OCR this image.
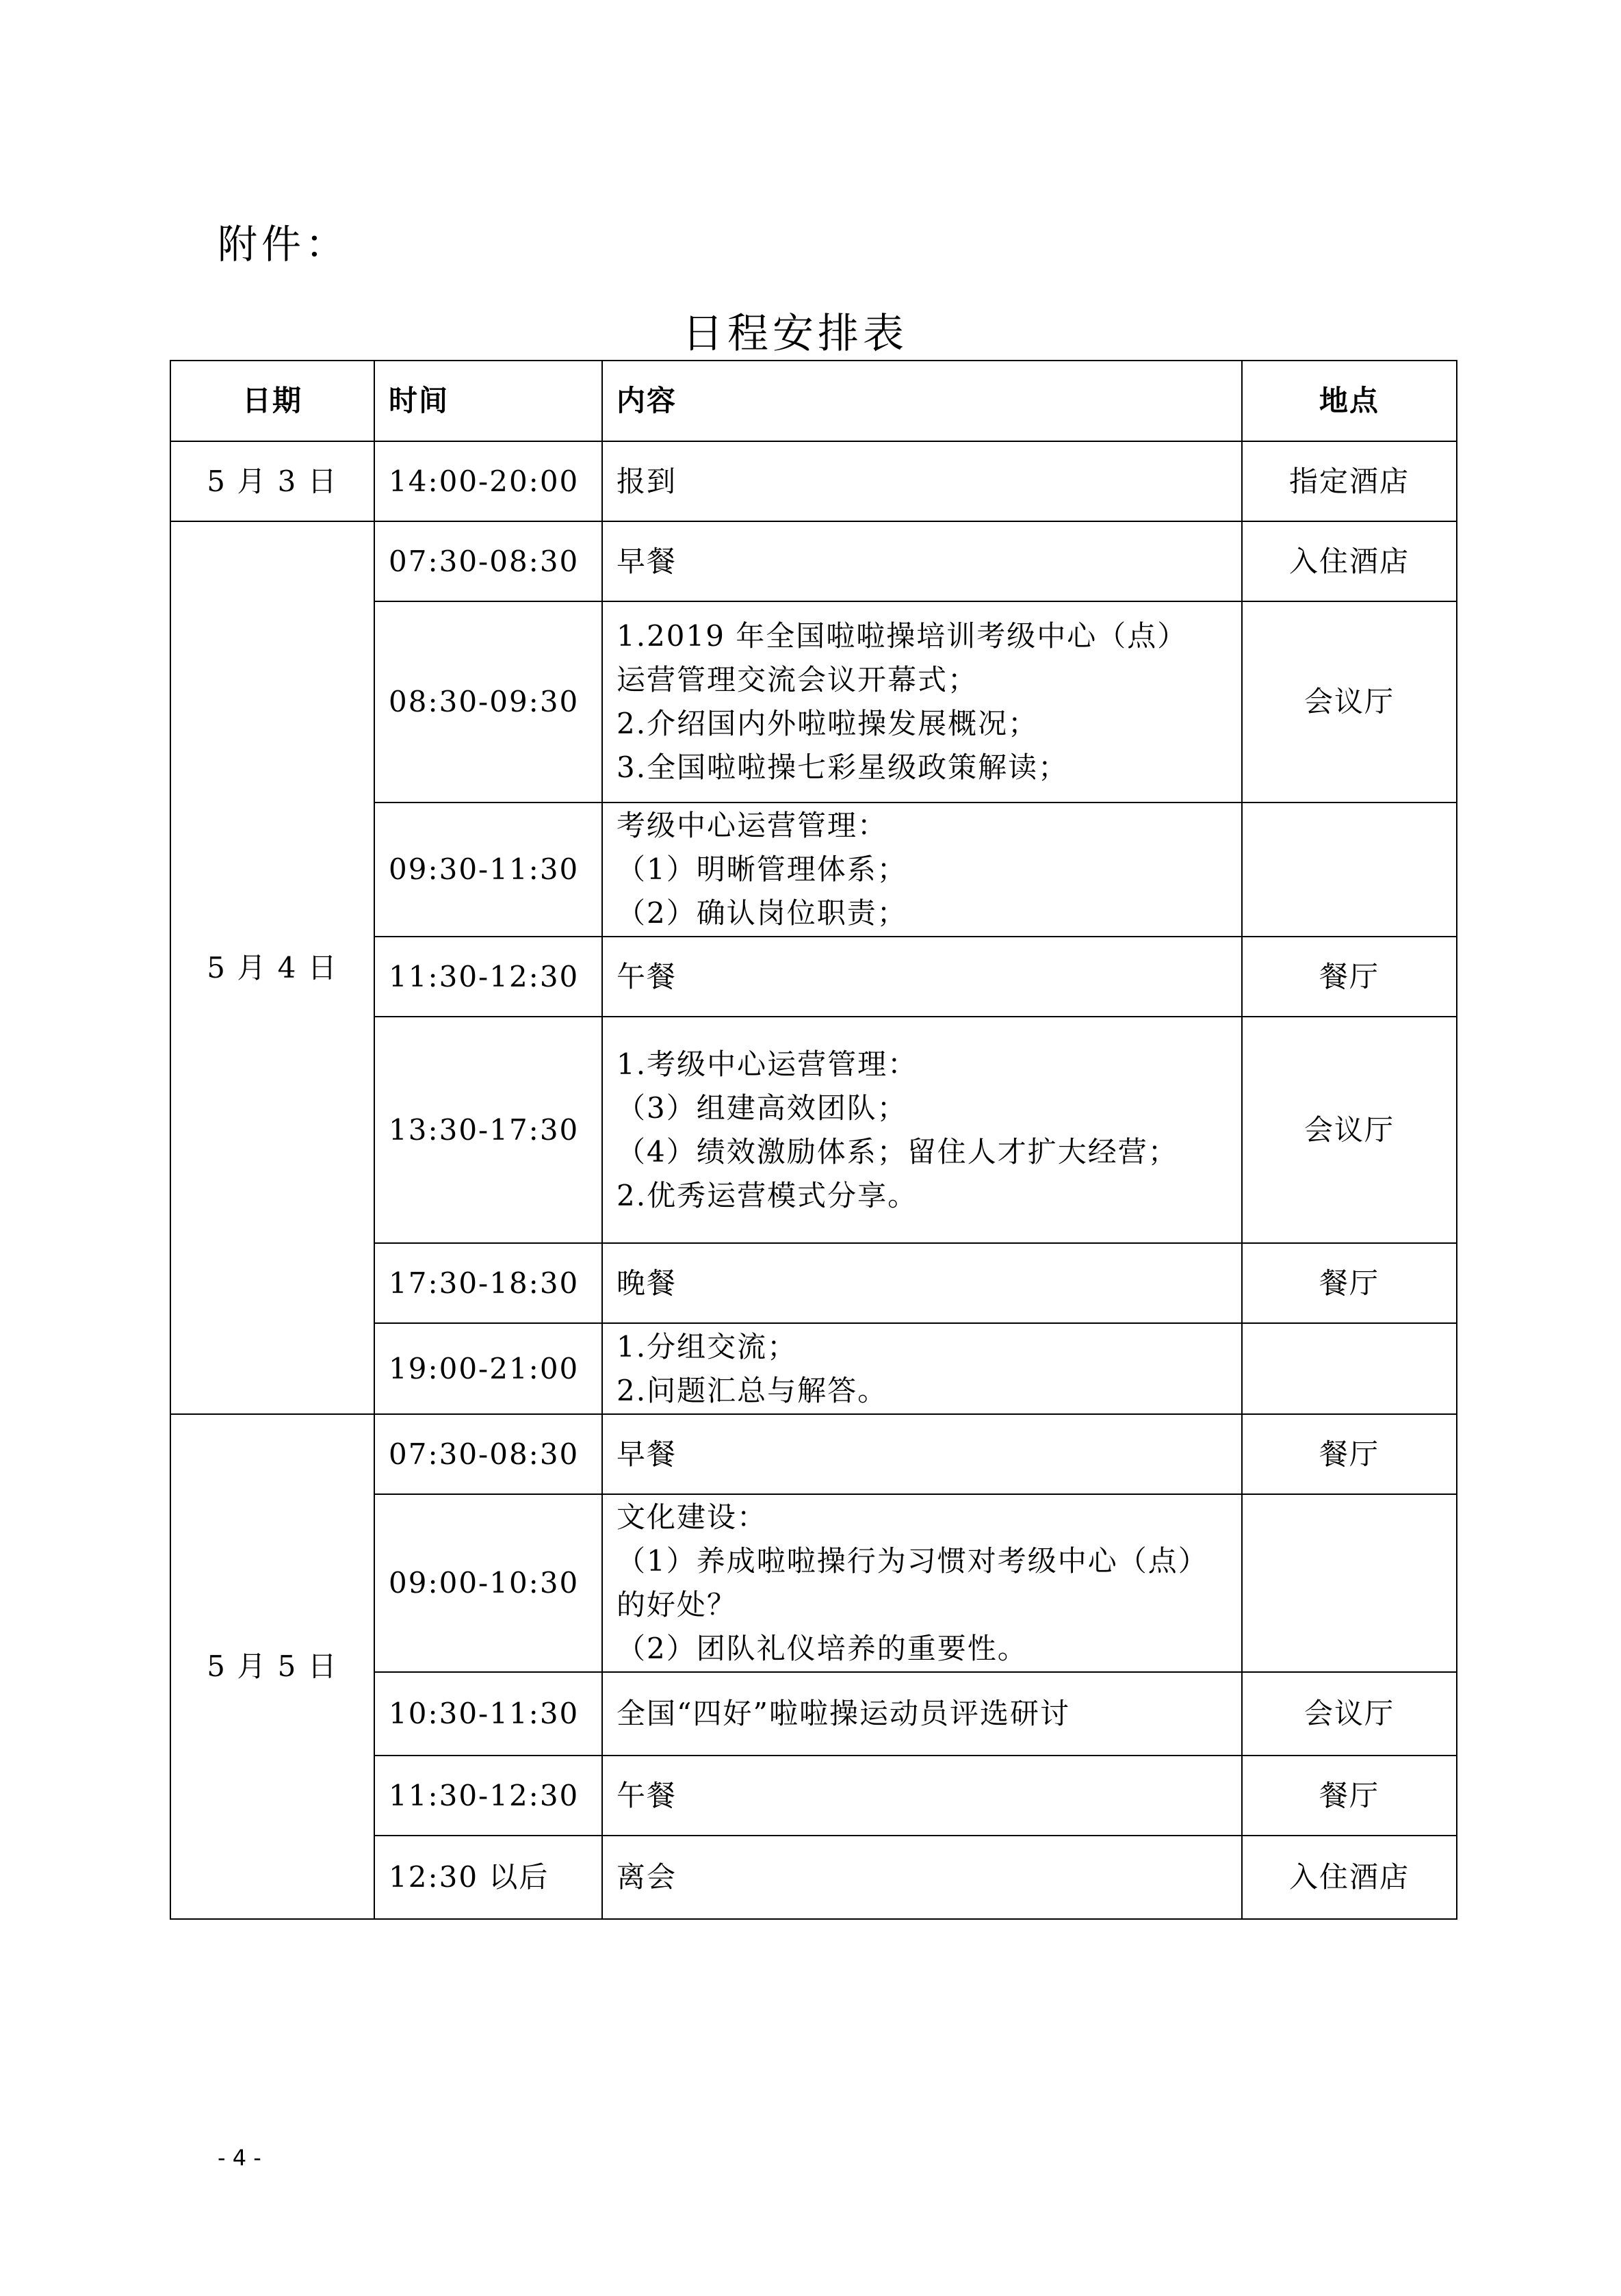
附件：
日程安排表
日期	时间	内容	地点
5 月 3 日	14:00-20:00	报到	指定酒店
5 月 4 日	07:30-08:30	早餐	入住酒店
	08:30-09:30	1.2019 年全国啦啦操培训考级中心（点）
运营管理交流会议开幕式；
2.介绍国内外啦啦操发展概况；
3.全国啦啦操七彩星级政策解读；	会议厅
	09:30-11:30	考级中心运营管理：
（1）明晰管理体系；
（2）确认岗位职责；	

	11:30-12:30	午餐	餐厅
	13:30-17:30	1.考级中心运营管理：
（3）组建高效团队；
（4）绩效激励体系；留住人才扩大经营；
2.优秀运营模式分享。	会议厅
	17:30-18:30	晚餐	餐厅
	19:00-21:00	1.分组交流；
2.问题汇总与解答。	

5 月 5 日	07:30-08:30	早餐	餐厅
	09:00-10:30	文化建设：
（1）养成啦啦操行为习惯对考级中心（点）
的好处？
（2）团队礼仪培养的重要性。	

	10:30-11:30	全国“四好”啦啦操运动员评选研讨	会议厅
	11:30-12:30	午餐	餐厅
	12:30 以后	离会	入住酒店
- 4 -
